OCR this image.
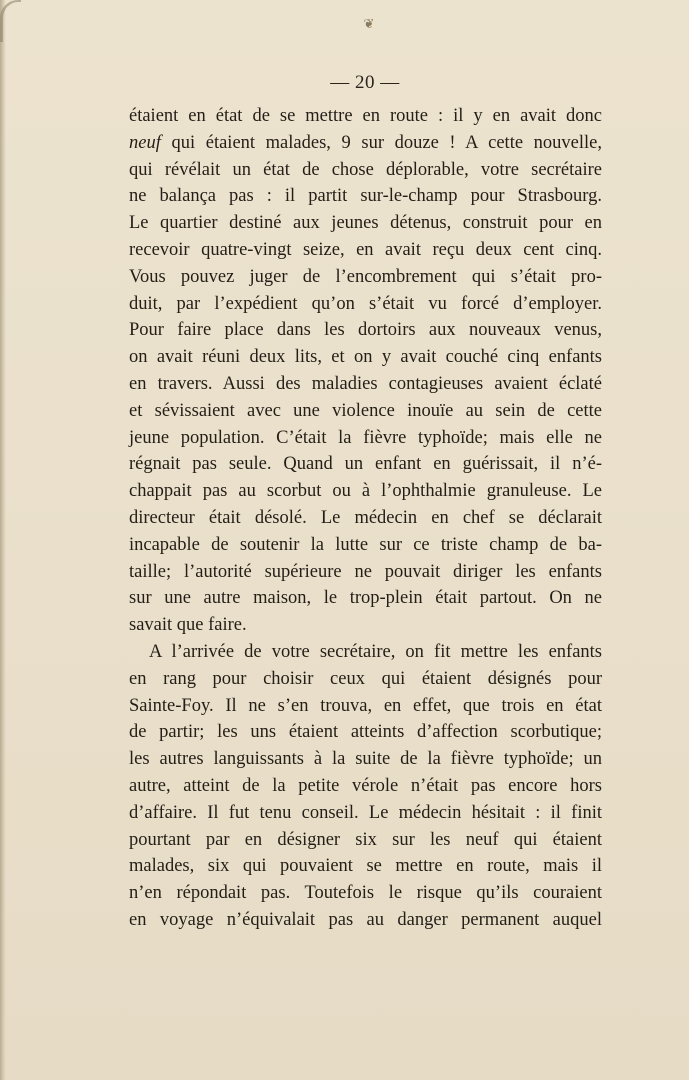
❦
— 20 —
étaient en état de se mettre en route : il y en avait donc
neuf qui étaient malades, 9 sur douze ! A cette nouvelle,
qui révélait un état de chose déplorable, votre secrétaire
ne balança pas : il partit sur-le-champ pour Strasbourg.
Le quartier destiné aux jeunes détenus, construit pour en
recevoir quatre-vingt seize, en avait reçu deux cent cinq.
Vous pouvez juger de l’encombrement qui s’était pro-
duit, par l’expédient qu’on s’était vu forcé d’employer.
Pour faire place dans les dortoirs aux nouveaux venus,
on avait réuni deux lits, et on y avait couché cinq enfants
en travers. Aussi des maladies contagieuses avaient éclaté
et sévissaient avec une violence inouïe au sein de cette
jeune population. C’était la fièvre typhoïde; mais elle ne
régnait pas seule. Quand un enfant en guérissait, il n’é-
chappait pas au scorbut ou à l’ophthalmie granuleuse. Le
directeur était désolé. Le médecin en chef se déclarait
incapable de soutenir la lutte sur ce triste champ de ba-
taille; l’autorité supérieure ne pouvait diriger les enfants
sur une autre maison, le trop-plein était partout. On ne
savait que faire.
A l’arrivée de votre secrétaire, on fit mettre les enfants
en rang pour choisir ceux qui étaient désignés pour
Sainte-Foy. Il ne s’en trouva, en effet, que trois en état
de partir; les uns étaient atteints d’affection scorbutique;
les autres languissants à la suite de la fièvre typhoïde; un
autre, atteint de la petite vérole n’était pas encore hors
d’affaire. Il fut tenu conseil. Le médecin hésitait : il finit
pourtant par en désigner six sur les neuf qui étaient
malades, six qui pouvaient se mettre en route, mais il
n’en répondait pas. Toutefois le risque qu’ils couraient
en voyage n’équivalait pas au danger permanent auquel
